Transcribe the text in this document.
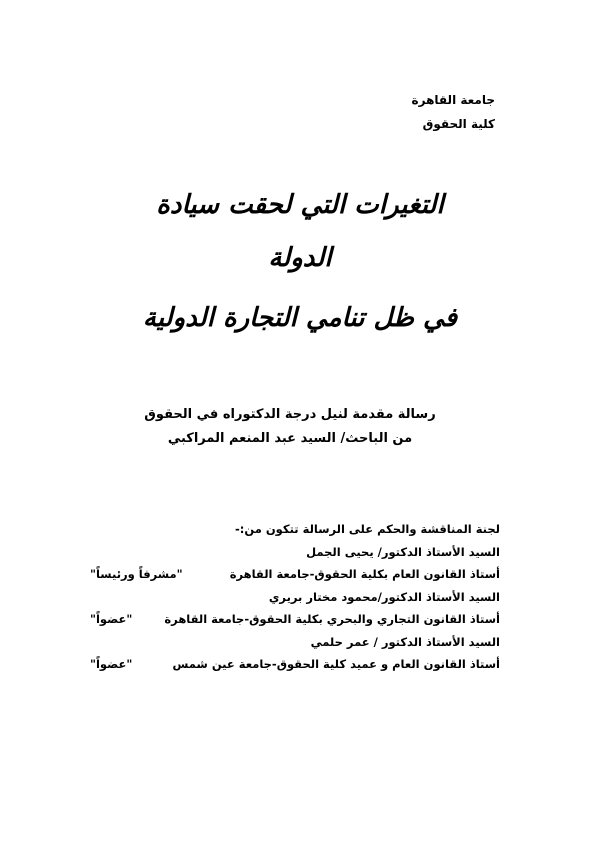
جامعة القاهرة
كلية الحقوق
التغيرات التي لحقت سيادة
الدولة
في ظل تنامي التجارة الدولية
رسالة مقدمة لنيل درجة الدكتوراه في الحقوق
من الباحث/ السيد عبد المنعم المراكبي
لجنة المناقشة والحكم على الرسالة تتكون من:-
السيد الأستاذ الدكتور/ يحيى الجمل
أستاذ القانون العام بكلية الحقوق-جامعة القاهرة
"مشرفاً ورئيساً"
السيد الأستاذ الدكتور/محمود مختار بريري
أستاذ القانون التجاري والبحري بكلية الحقوق-جامعة القاهرة
"عضواً"
السيد الأستاذ الدكتور / عمر حلمي
أستاذ القانون العام و عميد كلية الحقوق-جامعة عين شمس
"عضواً"
